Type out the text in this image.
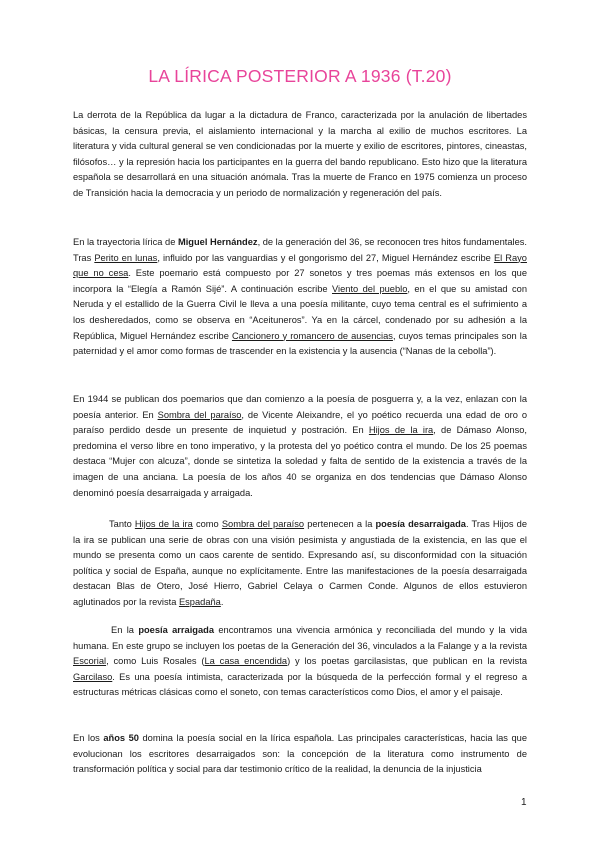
LA LÍRICA POSTERIOR A 1936 (T.20)

La derrota de la República da lugar a la dictadura de Franco, caracterizada por la anulación de libertades básicas, la censura previa, el aislamiento internacional y la marcha al exilio de muchos escritores. La literatura y vida cultural general se ven condicionadas por la muerte y exilio de escritores, pintores, cineastas, filósofos… y la represión hacia los participantes en la guerra del bando republicano. Esto hizo que la literatura española se desarrollará en una situación anómala. Tras la muerte de Franco en 1975 comienza un proceso de Transición hacia la democracia y un periodo de normalización y regeneración del país.

En la trayectoria lírica de Miguel Hernández, de la generación del 36, se reconocen tres hitos fundamentales. Tras Perito en lunas, influido por las vanguardias y el gongorismo del 27, Miguel Hernández escribe El Rayo que no cesa. Este poemario está compuesto por 27 sonetos y tres poemas más extensos en los que incorpora la “Elegía a Ramón Sijé”. A continuación escribe Viento del pueblo, en el que su amistad con Neruda y el estallido de la Guerra Civil le lleva a una poesía militante, cuyo tema central es el sufrimiento a los desheredados, como se observa en “Aceituneros”. Ya en la cárcel, condenado por su adhesión a la República, Miguel Hernández escribe Cancionero y romancero de ausencias, cuyos temas principales son la paternidad y el amor como formas de trascender en la existencia y la ausencia (“Nanas de la cebolla”).

En 1944 se publican dos poemarios que dan comienzo a la poesía de posguerra y, a la vez, enlazan con la poesía anterior. En Sombra del paraíso, de Vicente Aleixandre, el yo poético recuerda una edad de oro o paraíso perdido desde un presente de inquietud y postración. En Hijos de la ira, de Dámaso Alonso, predomina el verso libre en tono imperativo, y la protesta del yo poético contra el mundo. De los 25 poemas destaca “Mujer con alcuza”, donde se sintetiza la soledad y falta de sentido de la existencia a través de la imagen de una anciana. La poesía de los años 40 se organiza en dos tendencias que Dámaso Alonso denominó poesía desarraigada y arraigada.

Tanto Hijos de la ira como Sombra del paraíso pertenecen a la poesía desarraigada. Tras Hijos de la ira se publican una serie de obras con una visión pesimista y angustiada de la existencia, en las que el mundo se presenta como un caos carente de sentido. Expresando así, su disconformidad con la situación política y social de España, aunque no explícitamente. Entre las manifestaciones de la poesía desarraigada destacan Blas de Otero, José Hierro, Gabriel Celaya o Carmen Conde. Algunos de ellos estuvieron aglutinados por la revista Espadaña.

En la poesía arraigada encontramos una vivencia armónica y reconciliada del mundo y la vida humana. En este grupo se incluyen los poetas de la Generación del 36, vinculados a la Falange y a la revista Escorial, como Luis Rosales (La casa encendida) y los poetas garcilasistas, que publican en la revista Garcilaso. Es una poesía intimista, caracterizada por la búsqueda de la perfección formal y el regreso a estructuras métricas clásicas como el soneto, con temas característicos como Dios, el amor y el paisaje.

En los años 50 domina la poesía social en la lírica española. Las principales características, hacia las que evolucionan los escritores desarraigados son: la concepción de la literatura como instrumento de transformación política y social para dar testimonio crítico de la realidad, la denuncia de la injusticia

1
